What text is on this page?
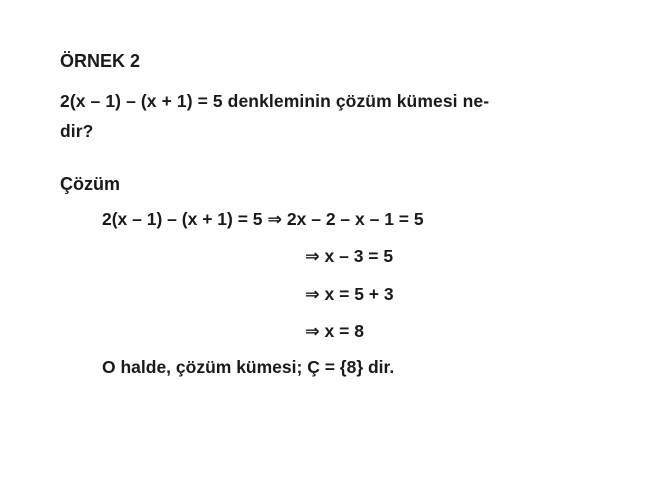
ÖRNEK 2
2(x – 1) – (x + 1) = 5 denkleminin çözüm kümesi ne-
dir?
Çözüm
2(x – 1) – (x + 1) = 5 ⇒ 2x – 2 – x – 1 = 5
⇒ x – 3 = 5
⇒ x = 5 + 3
⇒ x = 8
O halde, çözüm kümesi; Ç = {8} dir.
